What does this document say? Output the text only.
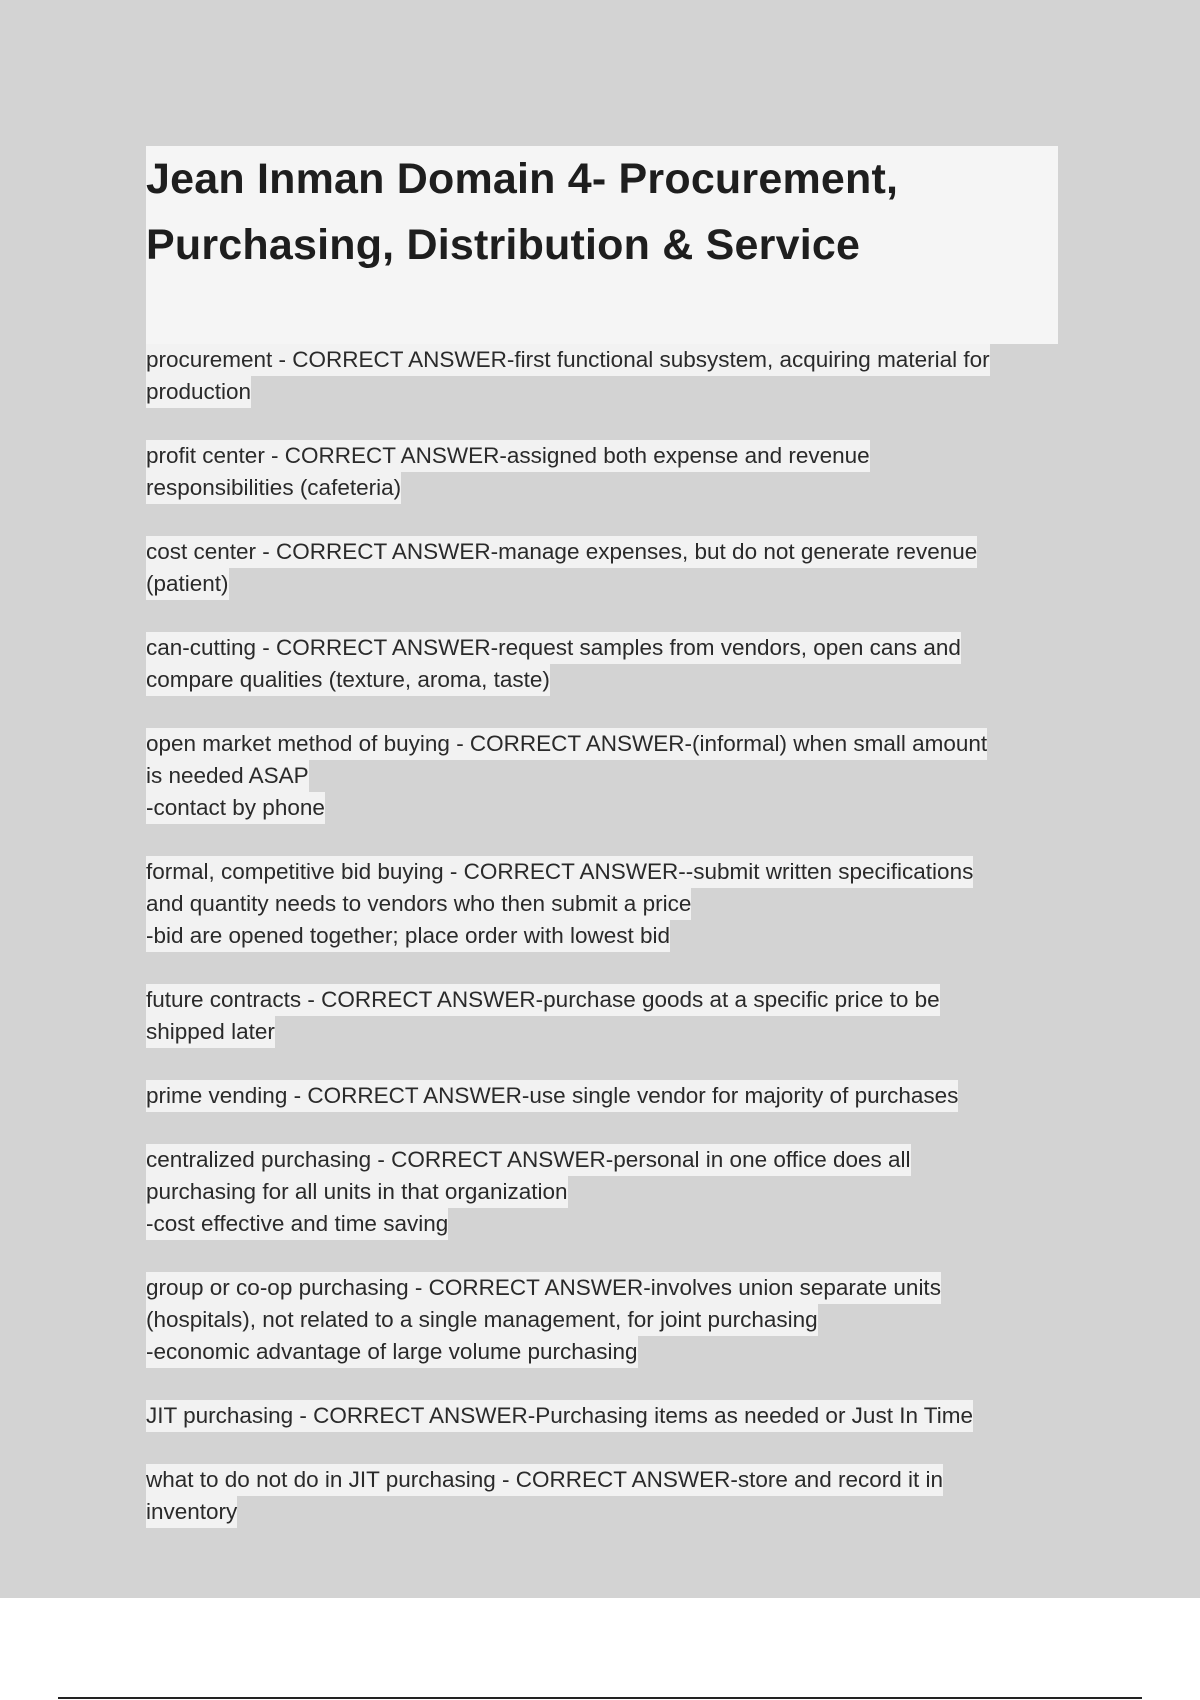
Jean Inman Domain 4- Procurement,
Purchasing, Distribution & Service
procurement - CORRECT ANSWER-first functional subsystem, acquiring material for
production
profit center - CORRECT ANSWER-assigned both expense and revenue
responsibilities (cafeteria)
cost center - CORRECT ANSWER-manage expenses, but do not generate revenue
(patient)
can-cutting - CORRECT ANSWER-request samples from vendors, open cans and
compare qualities (texture, aroma, taste)
open market method of buying - CORRECT ANSWER-(informal) when small amount
is needed ASAP
-contact by phone
formal, competitive bid buying - CORRECT ANSWER--submit written specifications
and quantity needs to vendors who then submit a price
-bid are opened together; place order with lowest bid
future contracts - CORRECT ANSWER-purchase goods at a specific price to be
shipped later
prime vending - CORRECT ANSWER-use single vendor for majority of purchases
centralized purchasing - CORRECT ANSWER-personal in one office does all
purchasing for all units in that organization
-cost effective and time saving
group or co-op purchasing - CORRECT ANSWER-involves union separate units
(hospitals), not related to a single management, for joint purchasing
-economic advantage of large volume purchasing
JIT purchasing - CORRECT ANSWER-Purchasing items as needed or Just In Time
what to do not do in JIT purchasing - CORRECT ANSWER-store and record it in
inventory
